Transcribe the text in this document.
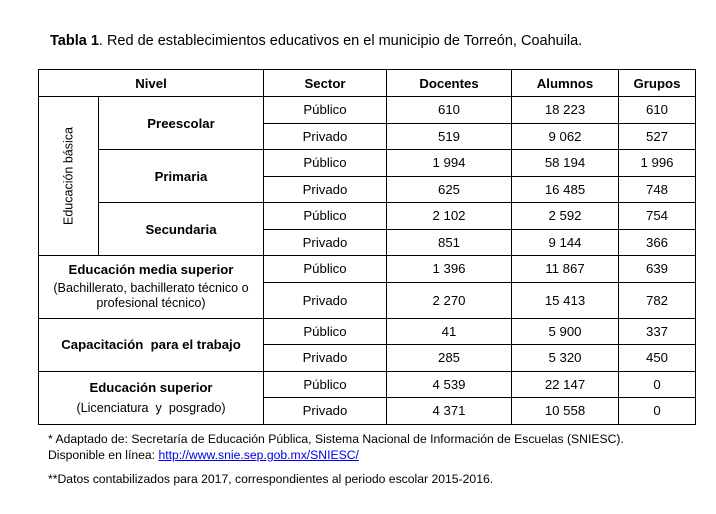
Tabla 1. Red de establecimientos educativos en el municipio de Torreón, Coahuila.
Nivel		Sector	Docentes	Alumnos	Grupos

Educación básica	Preescolar	Público	610	18 223	610
		Privado	519	9 062	527
	Primaria	Público	1 994	58 194	1 996
		Privado	625	16 485	748
	Secundaria	Público	2 102	2 592	754
		Privado	851	9 144	366

Educación media superior
(Bachillerato, bachillerato técnico o profesional técnico)		Público	1 396	11 867	639
		Privado	2 270	15 413	782
Capacitación  para el trabajo		Público	41	5 900	337
		Privado	285	5 320	450

Educación superior
(Licenciatura  y  posgrado)		Público	4 539	22 147	0
		Privado	4 371	10 558	0
* Adaptado de: Secretaría de Educación Pública, Sistema Nacional de Información de Escuelas (SNIESC).
Disponible en línea: http://www.snie.sep.gob.mx/SNIESC/
**Datos contabilizados para 2017, correspondientes al periodo escolar 2015-2016.
